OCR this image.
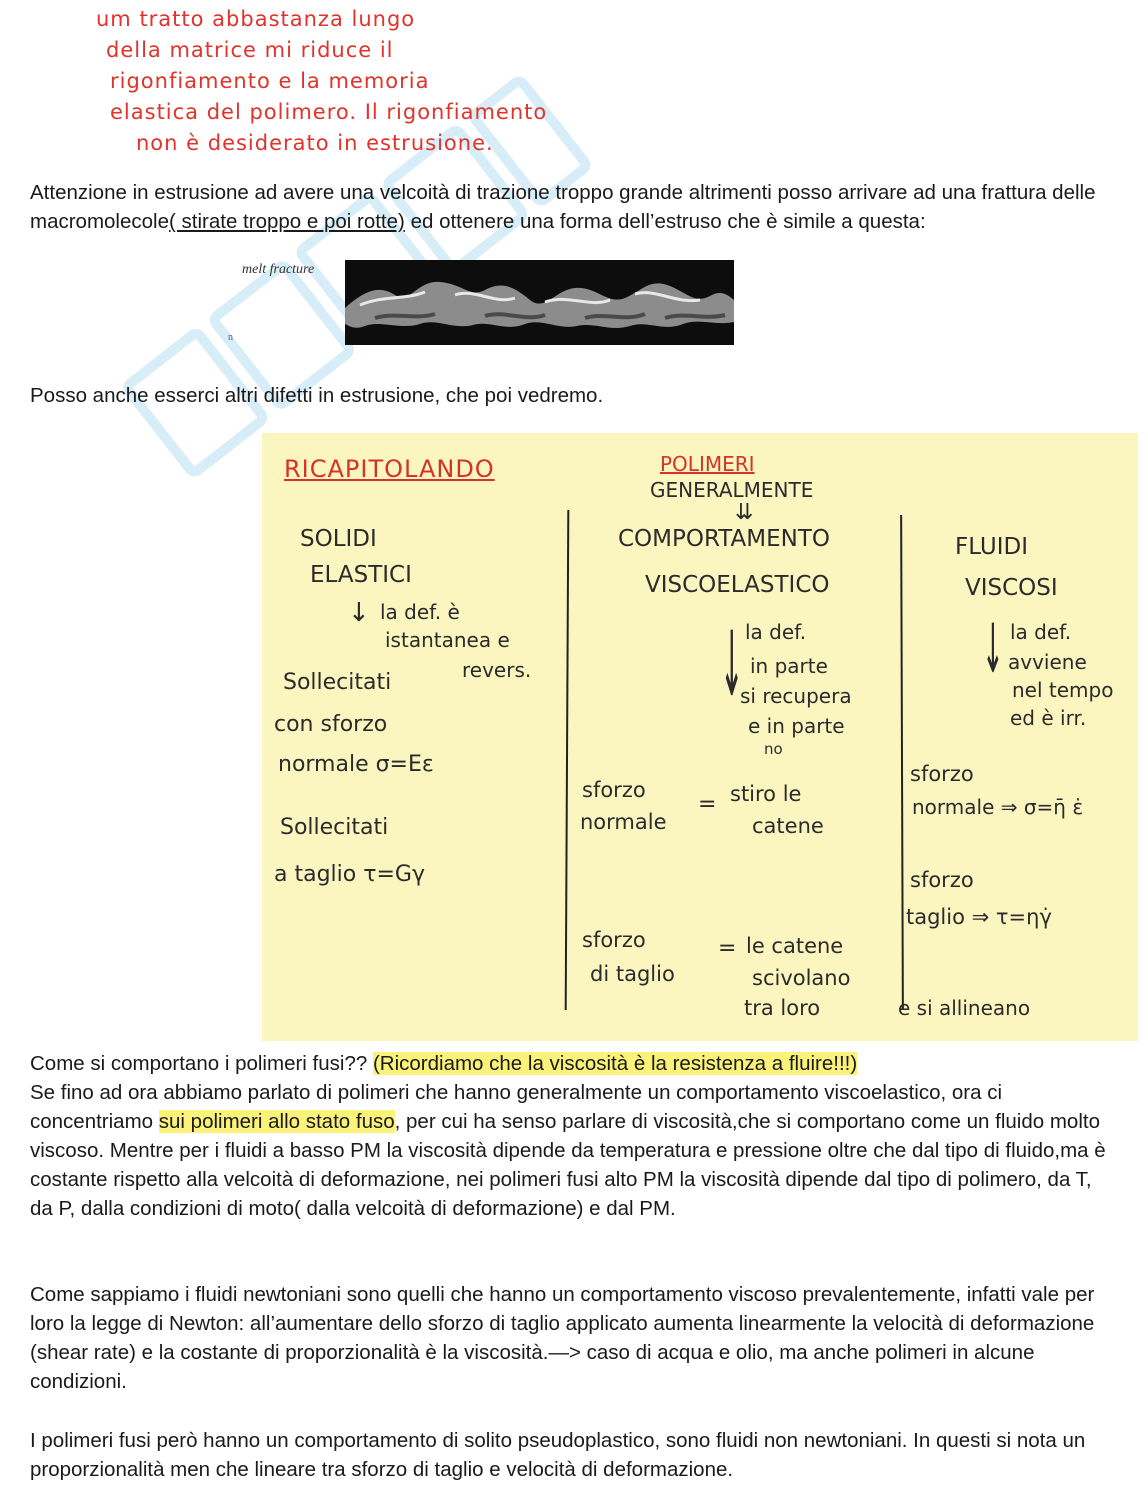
um tratto abbastanza lungo
della matrice mi riduce il
rigonfiamento e la memoria
elastica del polimero. Il rigonfiamento
non è desiderato in estrusione.

Attenzione in estrusione ad avere una velcoità di trazione troppo grande altrimenti posso arrivare ad una frattura delle macromolecole( stirate troppo e poi rotte) ed ottenere una forma dell’estruso che è simile a questa:

melt fracture
n

Posso anche esserci altri difetti in estrusione, che poi vedremo.

RICAPITOLANDO
SOLIDI
ELASTICI
↓ la def. è
istantanea e
revers.
Sollecitati
con sforzo
normale σ=Eε
Sollecitati
a taglio τ=Gγ
POLIMERI
GENERALMENTE
⇊
COMPORTAMENTO
VISCOELASTICO
↓ la def.
in parte
si recupera
e in parte
no
sforzo
normale
= stiro le
catene
sforzo
di taglio
= le catene
scivolano
tra loro	e si allineano
FLUIDI
VISCOSI
↓ la def.
avviene
nel tempo
ed è irr.
sforzo
normale ⇒ σ=η̄ ε̇
sforzo
taglio ⇒ τ=ηγ̇

Come si comportano i polimeri fusi?? (Ricordiamo che la viscosità è la resistenza a fluire!!!)

Se fino ad ora abbiamo parlato di polimeri che hanno generalmente un comportamento viscoelastico, ora ci concentriamo sui polimeri allo stato fuso, per cui ha senso parlare di viscosità,che si comportano come un fluido molto viscoso. Mentre per i fluidi a basso PM la viscosità dipende da temperatura e pressione oltre che dal tipo di fluido,ma è costante rispetto alla velcoità di deformazione, nei polimeri fusi alto PM la viscosità dipende dal tipo di polimero, da T, da P, dalla condizioni di moto( dalla velcoità di deformazione) e dal PM.

Come sappiamo i fluidi newtoniani sono quelli che hanno un comportamento viscoso prevalentemente, infatti vale per loro la legge di Newton: all’aumentare dello sforzo di taglio applicato aumenta linearmente la velocità di deformazione (shear rate) e la costante di proporzionalità è la viscosità.—> caso di acqua e olio, ma anche polimeri in alcune condizioni.

I polimeri fusi però hanno un comportamento di solito pseudoplastico, sono fluidi non newtoniani. In questi si nota un proporzionalità men che lineare tra sforzo di taglio e velocità di deformazione.
